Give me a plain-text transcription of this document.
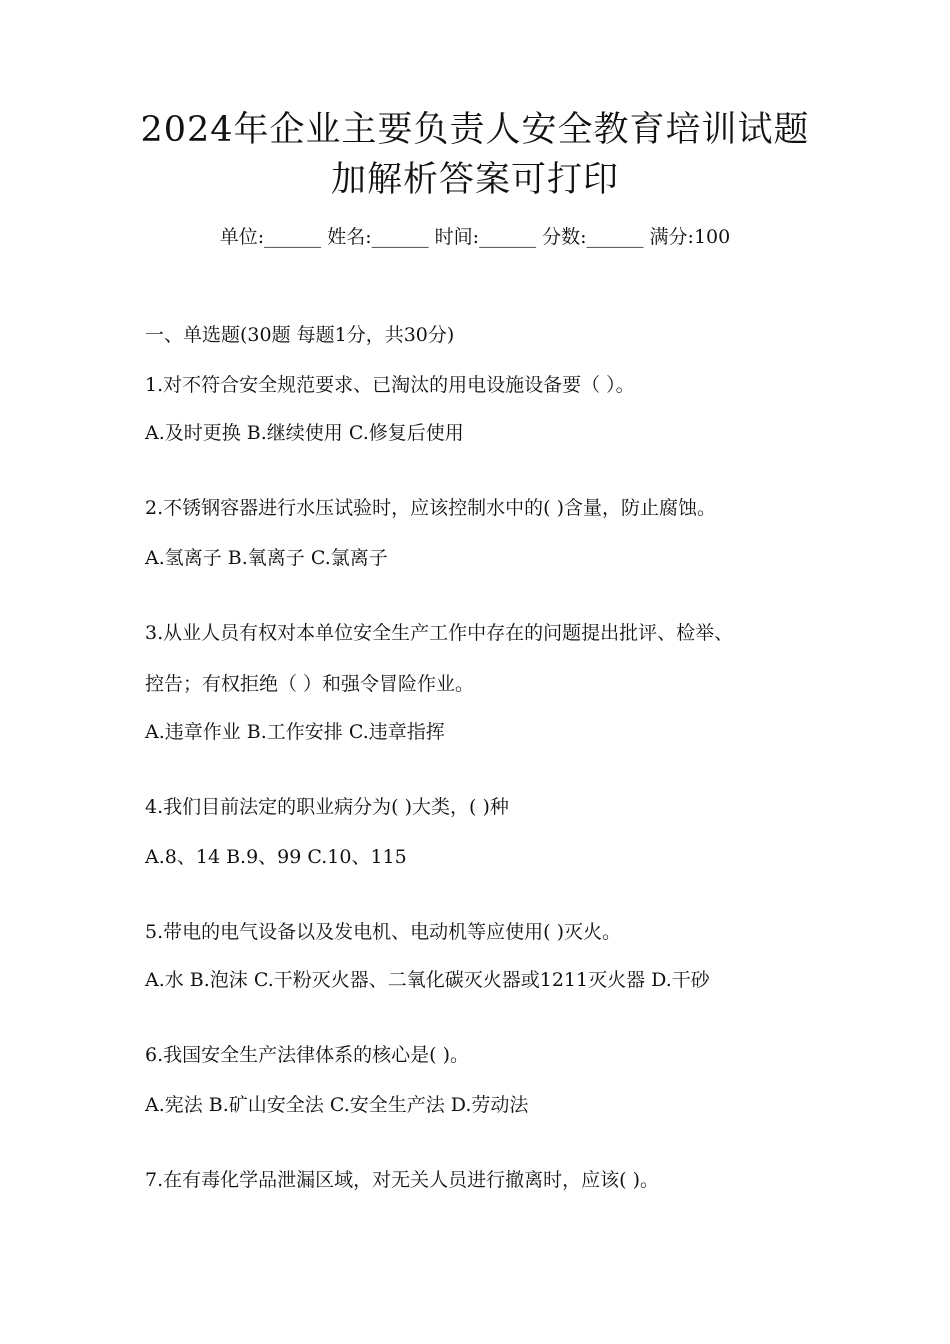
2024年企业主要负责人安全教育培训试题
加解析答案可打印
单位:______ 姓名:______ 时间:______ 分数:______ 满分:100
一、单选题(30题 每题1分，共30分)
1.对不符合安全规范要求、已淘汰的用电设施设备要（ ）。
A.及时更换 B.继续使用 C.修复后使用
2.不锈钢容器进行水压试验时，应该控制水中的( )含量，防止腐蚀。
A.氢离子 B.氧离子 C.氯离子
3.从业人员有权对本单位安全生产工作中存在的问题提出批评、检举、
控告；有权拒绝（ ）和强令冒险作业。
A.违章作业 B.工作安排 C.违章指挥
4.我们目前法定的职业病分为( )大类，( )种
A.8、14 B.9、99 C.10、115
5.带电的电气设备以及发电机、电动机等应使用( )灭火。
A.水 B.泡沫 C.干粉灭火器、二氧化碳灭火器或1211灭火器 D.干砂
6.我国安全生产法律体系的核心是( )。
A.宪法 B.矿山安全法 C.安全生产法 D.劳动法
7.在有毒化学品泄漏区域，对无关人员进行撤离时，应该( )。
